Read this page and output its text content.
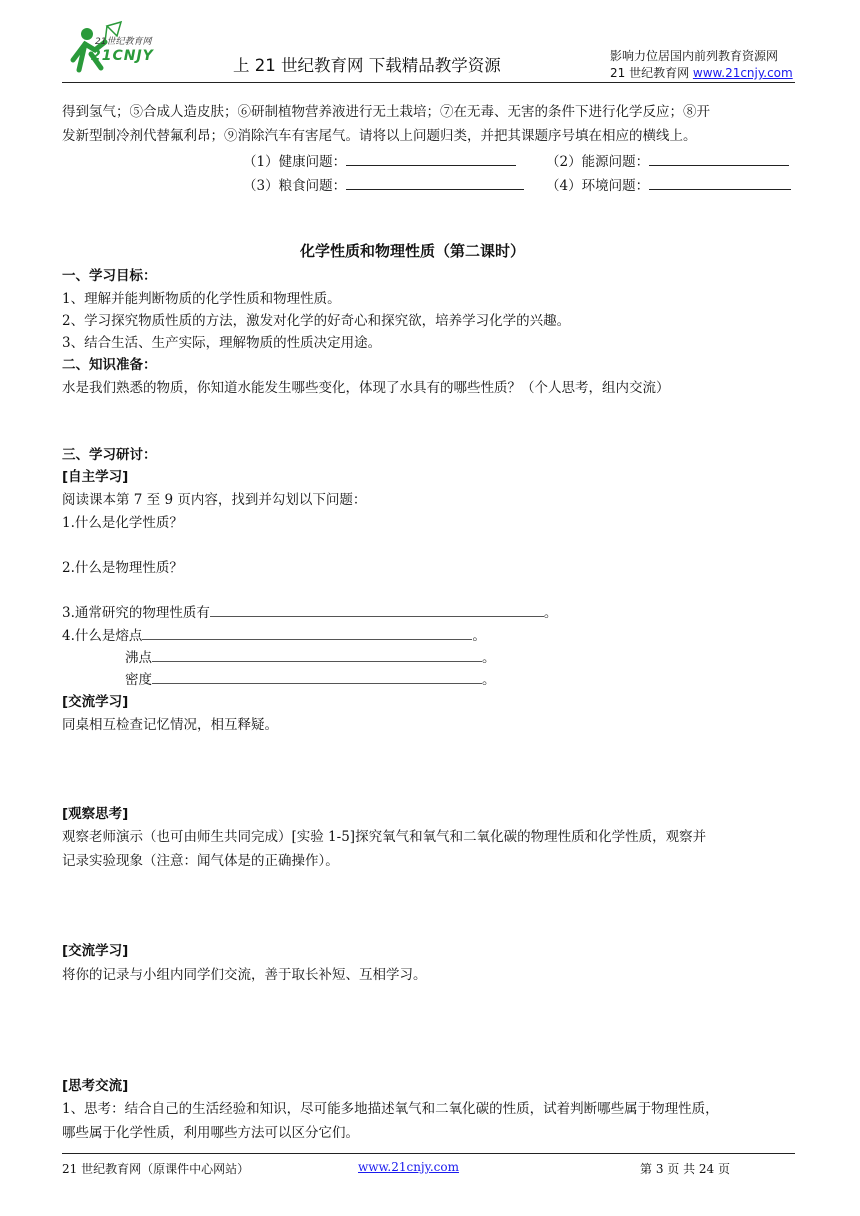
21世纪教育网
21CNJY	上 21 世纪教育网 下载精品教学资源	影响力位居国内前列教育资源网
21 世纪教育网 www.21cnjy.com
得到氢气；⑤合成人造皮肤；⑥研制植物营养液进行无土栽培；⑦在无毒、无害的条件下进行化学反应；⑧开
发新型制冷剂代替氟利昂；⑨消除汽车有害尾气。请将以上问题归类，并把其课题序号填在相应的横线上。
（1）健康问题：	（2）能源问题：
（3）粮食问题：	（4）环境问题：
化学性质和物理性质（第二课时）
一、学习目标：
1、理解并能判断物质的化学性质和物理性质。
2、学习探究物质性质的方法，激发对化学的好奇心和探究欲，培养学习化学的兴趣。
3、结合生活、生产实际，理解物质的性质决定用途。
二、知识准备：
水是我们熟悉的物质，你知道水能发生哪些变化，体现了水具有的哪些性质？（个人思考，组内交流）
三、学习研讨：
[自主学习]
阅读课本第 7 至 9 页内容，找到并勾划以下问题：
1.什么是化学性质？
2.什么是物理性质？
3.通常研究的物理性质有	。
4.什么是熔点	。
沸点	。
密度	。
[交流学习]
同桌相互检查记忆情况，相互释疑。
[观察思考]
观察老师演示（也可由师生共同完成）[实验 1-5]探究氧气和氧气和二氧化碳的物理性质和化学性质，观察并
记录实验现象（注意：闻气体是的正确操作）。
[交流学习]
将你的记录与小组内同学们交流，善于取长补短、互相学习。
[思考交流]
1、思考：结合自己的生活经验和知识，尽可能多地描述氧气和二氧化碳的性质，试着判断哪些属于物理性质，
哪些属于化学性质，利用哪些方法可以区分它们。
21 世纪教育网（原课件中心网站）	www.21cnjy.com	第 3 页 共 24 页
